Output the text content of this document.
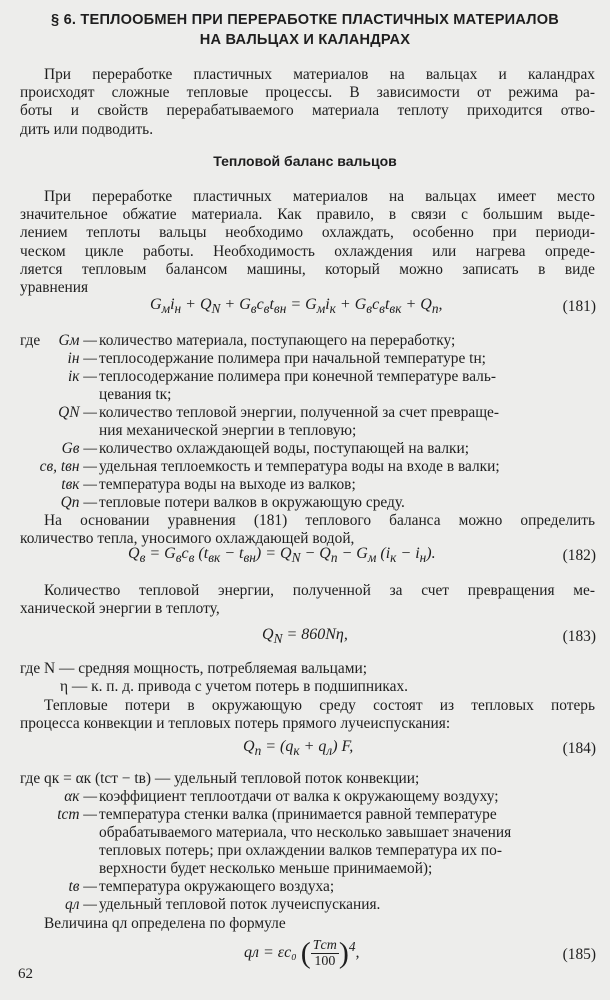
§ 6. ТЕПЛООБМЕН ПРИ ПЕРЕРАБОТКЕ ПЛАСТИЧНЫХ МАТЕРИАЛОВ
НА ВАЛЬЦАХ И КАЛАНДРАХ
При переработке пластичных материалов на вальцах и каландрах
происходят сложные тепловые процессы. В зависимости от режима ра-
боты и свойств перерабатываемого материала теплоту приходится отво-
дить или подводить.
Тепловой баланс вальцов
При переработке пластичных материалов на вальцах имеет место
значительное обжатие материала. Как правило, в связи с большим выде-
лением теплоты вальцы необходимо охлаждать, особенно при периоди-
ческом цикле работы. Необходимость охлаждения или нагрева опреде-
ляется тепловым балансом машины, который можно записать в виде
уравнения
$G_мi_н + Q_N + G_вc_вt_{вн} = G_мi_к + G_вc_вt_{вк} + Q_п$,	(181)
где Gм — количество материала, поступающего на переработку;
iн — теплосодержание полимера при начальной температуре tн;
iк — теплосодержание полимера при конечной температуре валь-
цевания tк;
QN — количество тепловой энергии, полученной за счет превраще-
ния механической энергии в тепловую;
Gв — количество охлаждающей воды, поступающей на валки;
cв, tвн — удельная теплоемкость и температура воды на входе в валки;
tвк — температура воды на выходе из валков;
Qп — тепловые потери валков в окружающую среду.
На основании уравнения (181) теплового баланса можно определить
количество тепла, уносимого охлаждающей водой,
$Q_в = G_вc_в$ $(t_{вк} - t_{вн}) = Q_N - Q_п - G_м$ $(i_к - i_н)$.	(182)
Количество тепловой энергии, полученной за счет превращения ме-
ханической энергии в теплоту,
$Q_N = 860N\eta$,	(183)
где N — средняя мощность, потребляемая вальцами;
η — к. п. д. привода с учетом потерь в подшипниках.
Тепловые потери в окружающую среду состоят из тепловых потерь
процесса конвекции и тепловых потерь прямого лучеиспускания:
$Q_п = (q_к + q_л)$ F,	(184)
где qк = αк (tст − tв) — удельный тепловой поток конвекции;
αк — коэффициент теплоотдачи от валка к окружающему воздуху;
tст — температура стенки валка (принимается равной температуре
обрабатываемого материала, что несколько завышает значения
тепловых потерь; при охлаждении валков температура их по-
верхности будет несколько меньше принимаемой);
tв — температура окружающего воздуха;
qл — удельный тепловой поток лучеиспускания.
Величина qл определена по формуле
qл = εc₀ ( $\frac{\text{Tст}}{100} )^4$,	(185)
62
